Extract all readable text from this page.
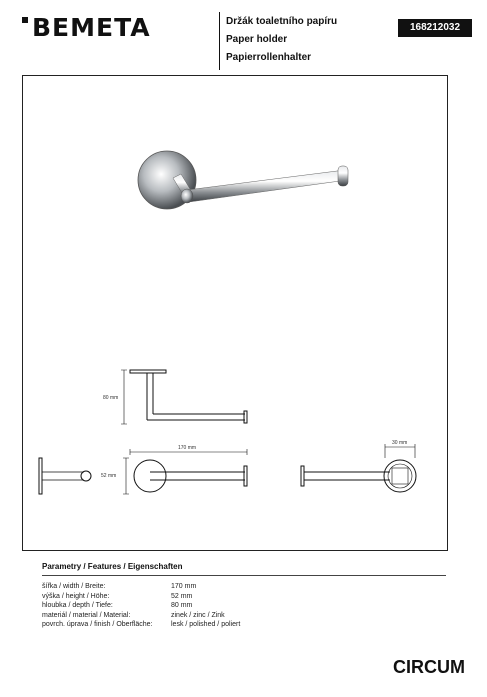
BEMETA	Držák toaletního papíru
Paper holder
Papierrollenhalter
168212032
80 mm
170 mm
52 mm
30 mm
Parametry / Features / Eigenschaften
šířka / width / Breite:	170 mm
výška / height / Höhe:	52 mm
hloubka / depth / Tiefe:	80 mm
materiál / material / Material:	zinek / zinc / Zink
povrch. úprava / finish / Oberfläche:	lesk / polished / poliert
CIRCUM
